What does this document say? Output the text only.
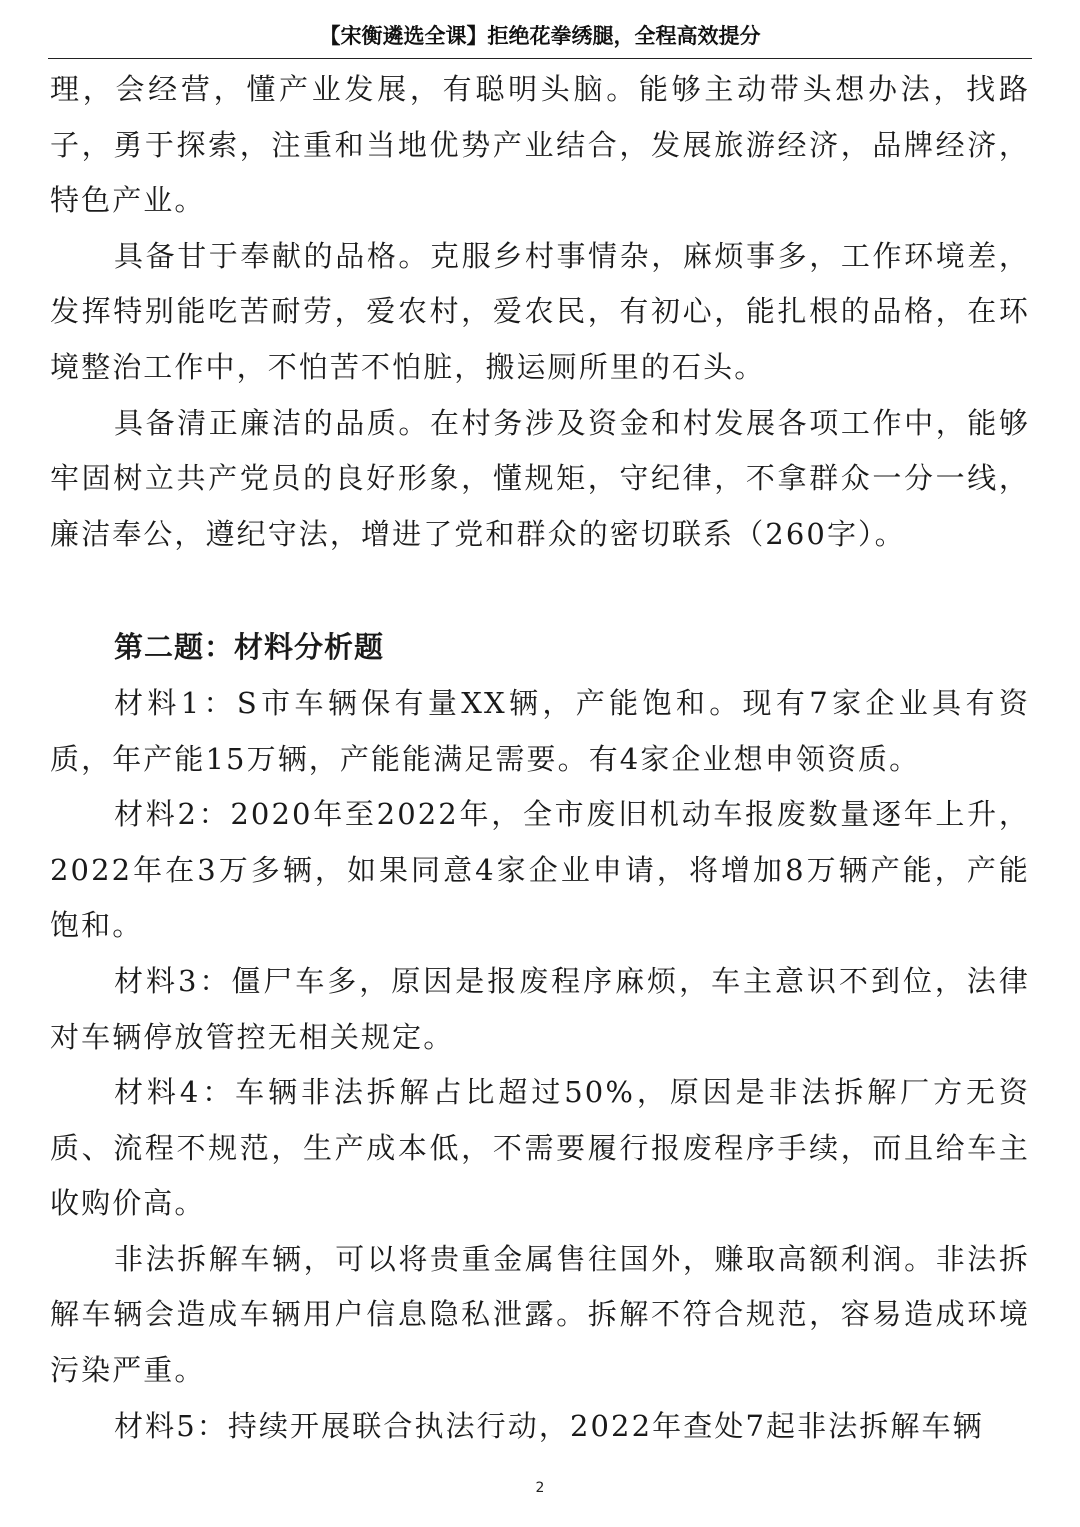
【宋衡遴选全课】拒绝花拳绣腿，全程高效提分

理，会经营，懂产业发展，有聪明头脑。能够主动带头想办法，找路子，勇于探索，注重和当地优势产业结合，发展旅游经济，品牌经济，特色产业。

具备甘于奉献的品格。克服乡村事情杂，麻烦事多，工作环境差，发挥特别能吃苦耐劳，爱农村，爱农民，有初心，能扎根的品格，在环境整治工作中，不怕苦不怕脏，搬运厕所里的石头。

具备清正廉洁的品质。在村务涉及资金和村发展各项工作中，能够牢固树立共产党员的良好形象，懂规矩，守纪律，不拿群众一分一线，廉洁奉公，遵纪守法，增进了党和群众的密切联系（260字）。

第二题：材料分析题

材料1：S市车辆保有量XX辆，产能饱和。现有7家企业具有资质，年产能15万辆，产能能满足需要。有4家企业想申领资质。

材料2：2020年至2022年，全市废旧机动车报废数量逐年上升，2022年在3万多辆，如果同意4家企业申请，将增加8万辆产能，产能饱和。

材料3：僵尸车多，原因是报废程序麻烦，车主意识不到位，法律对车辆停放管控无相关规定。

材料4：车辆非法拆解占比超过50%，原因是非法拆解厂方无资质、流程不规范，生产成本低，不需要履行报废程序手续，而且给车主收购价高。

非法拆解车辆，可以将贵重金属售往国外，赚取高额利润。非法拆解车辆会造成车辆用户信息隐私泄露。拆解不符合规范，容易造成环境污染严重。

材料5：持续开展联合执法行动，2022年查处7起非法拆解车辆

2
